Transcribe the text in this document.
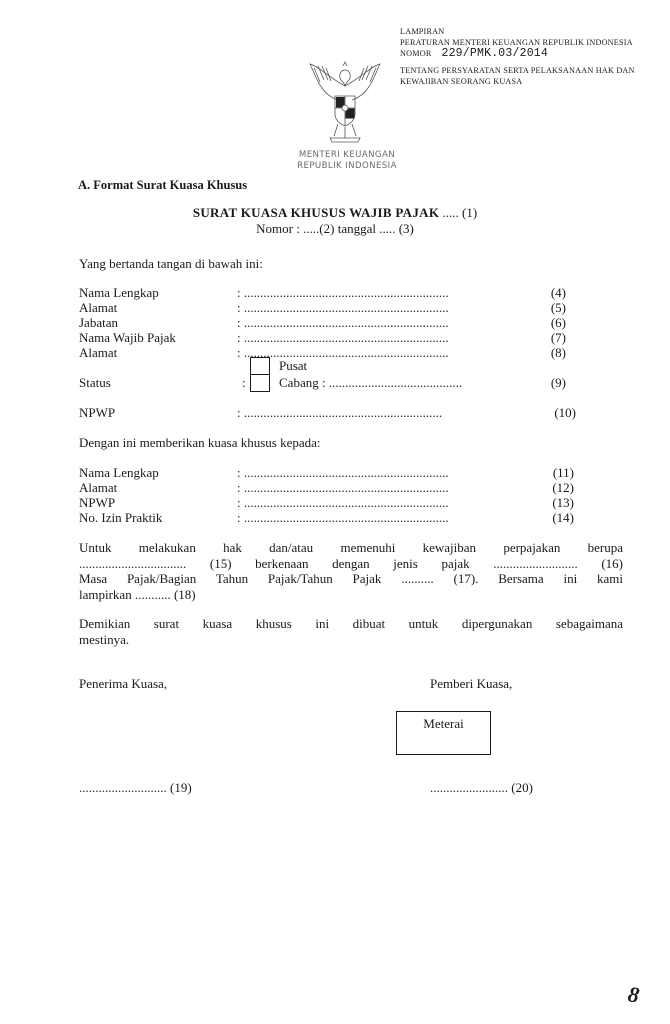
LAMPIRAN
PERATURAN MENTERI KEUANGAN REPUBLIK INDONESIA
NOMOR 229/PMK.03/2014
TENTANG PERSYARATAN SERTA PELAKSANAAN HAK DAN
KEWAJIBAN SEORANG KUASA
MENTERI KEUANGAN
REPUBLIK INDONESIA
A. Format Surat Kuasa Khusus
SURAT KUASA KHUSUS WAJIB PAJAK ..... (1)
Nomor : .....(2) tanggal ..... (3)
Yang bertanda tangan di bawah ini:
Nama Lengkap	: ...............................................................	(4)
Alamat	: ...............................................................	(5)
Jabatan	: ...............................................................	(6)
Nama Wajib Pajak	: ...............................................................	(7)
Alamat	: ...............................................................	(8)
Pusat
Status	:	Cabang : .........................................	(9)
NPWP	: .............................................................	(10)
Dengan ini memberikan kuasa khusus kepada:
Nama Lengkap	: ...............................................................	(11)
Alamat	: ...............................................................	(12)
NPWP	: ...............................................................	(13)
No. Izin Praktik	: ...............................................................	(14)
Untuk melakukan hak dan/atau memenuhi kewajiban perpajakan berupa
................................. (15) berkenaan dengan jenis pajak .......................... (16)
Masa Pajak/Bagian Tahun Pajak/Tahun Pajak .......... (17). Bersama ini kami
lampirkan ........... (18)
Demikian surat kuasa khusus ini dibuat untuk dipergunakan sebagaimana
mestinya.
Penerima Kuasa,	Pemberi Kuasa,
Meterai
........................... (19)	........................ (20)
8
